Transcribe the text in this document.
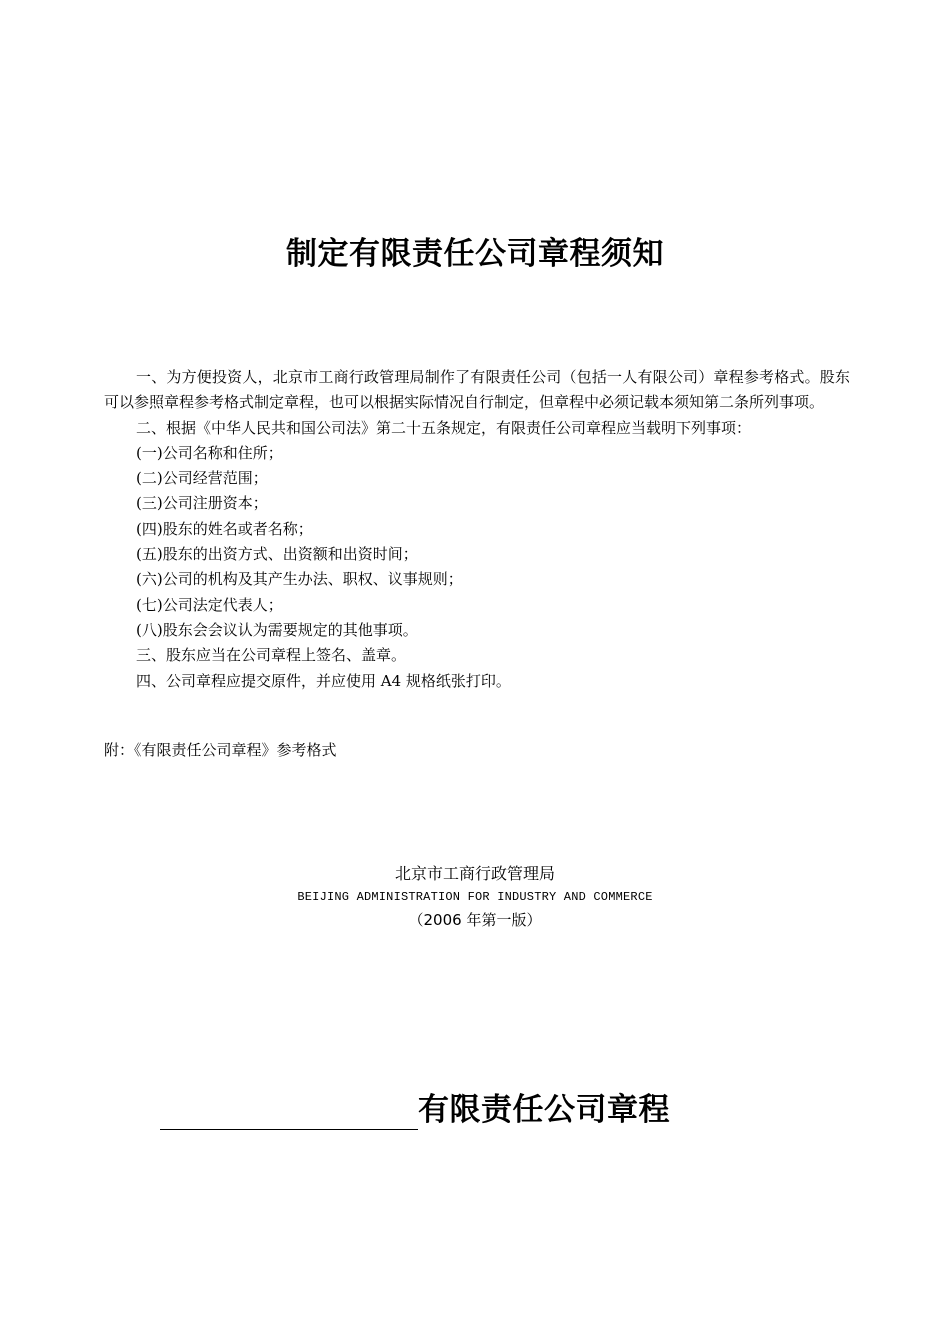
制定有限责任公司章程须知

一、为方便投资人，北京市工商行政管理局制作了有限责任公司（包括一人有限公司）章程参考格式。股东可以参照章程参考格式制定章程，也可以根据实际情况自行制定，但章程中必须记载本须知第二条所列事项。

二、根据《中华人民共和国公司法》第二十五条规定，有限责任公司章程应当载明下列事项：

(一)公司名称和住所；

(二)公司经营范围；

(三)公司注册资本；

(四)股东的姓名或者名称；

(五)股东的出资方式、出资额和出资时间；

(六)公司的机构及其产生办法、职权、议事规则；

(七)公司法定代表人；

(八)股东会会议认为需要规定的其他事项。

三、股东应当在公司章程上签名、盖章。

四、公司章程应提交原件，并应使用 A4 规格纸张打印。

附：《有限责任公司章程》参考格式
北京市工商行政管理局
BEIJING ADMINISTRATION FOR INDUSTRY AND COMMERCE
（2006 年第一版）
有限责任公司章程
